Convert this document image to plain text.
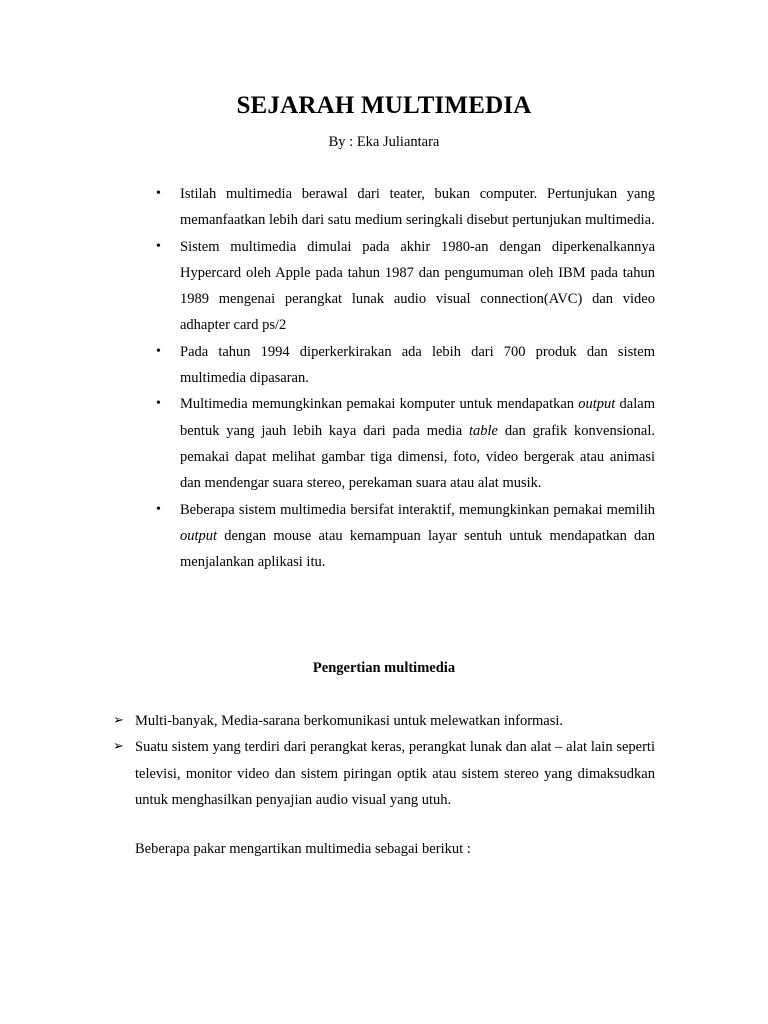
SEJARAH MULTIMEDIA
By : Eka Juliantara
• Istilah multimedia berawal dari teater, bukan computer. Pertunjukan yang memanfaatkan lebih dari satu medium seringkali disebut pertunjukan multimedia.
• Sistem multimedia dimulai pada akhir 1980-an dengan diperkenalkannya Hypercard oleh Apple pada tahun 1987 dan pengumuman oleh IBM pada tahun 1989 mengenai perangkat lunak audio visual connection(AVC) dan video adhapter card ps/2
• Pada tahun 1994 diperkerkirakan ada lebih dari 700 produk dan sistem multimedia dipasaran.
• Multimedia memungkinkan pemakai komputer untuk mendapatkan output dalam bentuk yang jauh lebih kaya dari pada media table dan grafik konvensional. pemakai dapat melihat gambar tiga dimensi, foto, video bergerak atau animasi dan mendengar suara stereo, perekaman suara atau alat musik.
• Beberapa sistem multimedia bersifat interaktif, memungkinkan pemakai memilih output dengan mouse atau kemampuan layar sentuh untuk mendapatkan dan menjalankan aplikasi itu.
Pengertian multimedia
➢ Multi-banyak, Media-sarana berkomunikasi untuk melewatkan informasi.
➢ Suatu sistem yang terdiri dari perangkat keras, perangkat lunak dan alat – alat lain seperti televisi, monitor video dan sistem piringan optik atau sistem stereo yang dimaksudkan untuk menghasilkan penyajian audio visual yang utuh.
Beberapa pakar mengartikan multimedia sebagai berikut :
